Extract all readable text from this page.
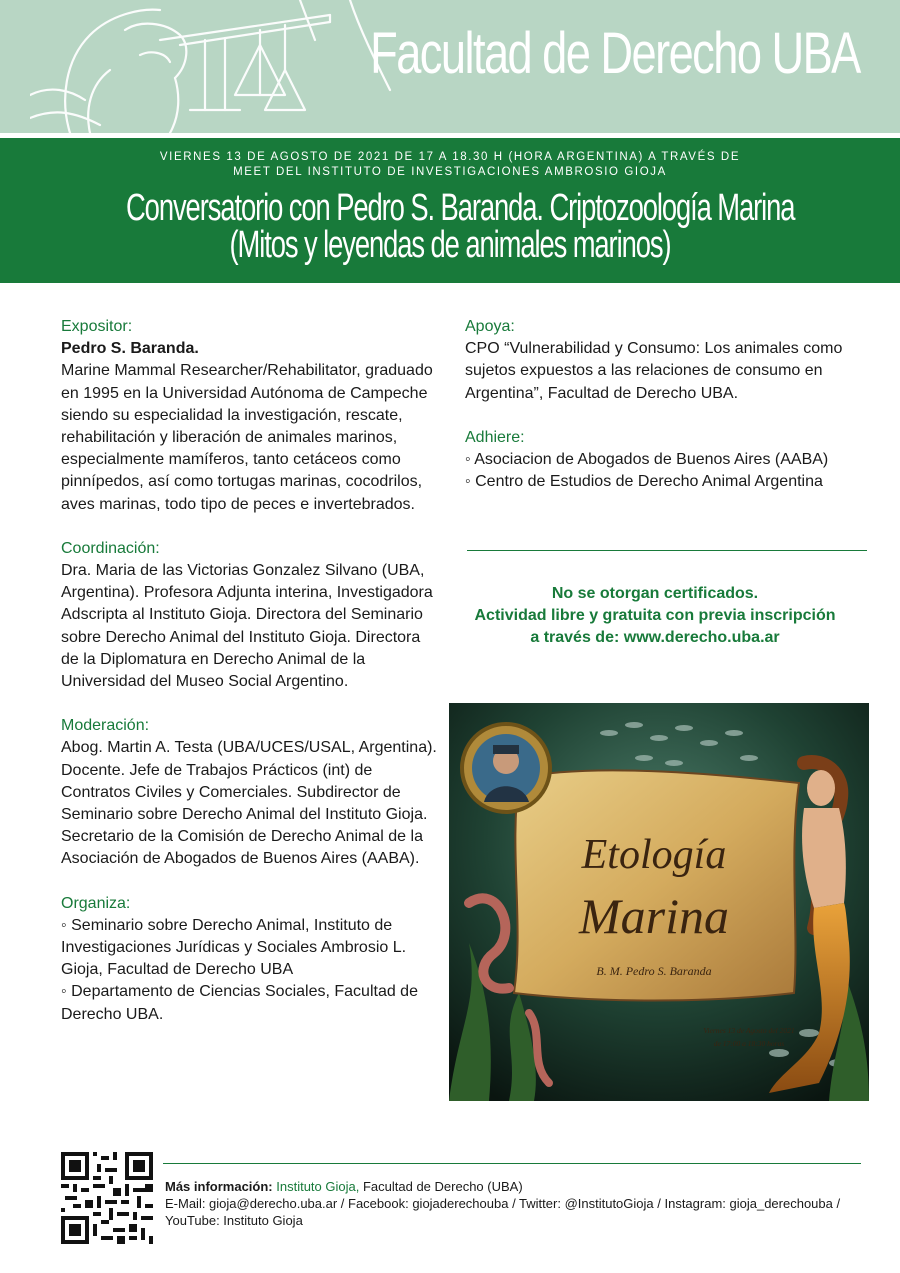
Facultad de Derecho UBA
VIERNES 13 DE AGOSTO DE 2021 DE 17 A 18.30 H (HORA ARGENTINA) A TRAVÉS DE MEET DEL INSTITUTO DE INVESTIGACIONES AMBROSIO GIOJA
Conversatorio con Pedro S. Baranda. Criptozoología Marina
(Mitos y leyendas de animales marinos)
Expositor:
Pedro S. Baranda.
Marine Mammal Researcher/Rehabilitator, graduado en 1995 en la Universidad Autónoma de Campeche siendo su especialidad la investigación, rescate, rehabilitación y liberación de animales marinos, especialmente mamíferos, tanto cetáceos como pinnípedos, así como tortugas marinas, cocodrilos, aves marinas, todo tipo de peces e invertebrados.
Coordinación:
Dra. Maria de las Victorias Gonzalez Silvano (UBA, Argentina). Profesora Adjunta interina, Investigadora Adscripta al Instituto Gioja. Directora del Seminario sobre Derecho Animal del Instituto Gioja. Directora de la Diplomatura en Derecho Animal de la Universidad del Museo Social Argentino.
Moderación:
Abog. Martin A. Testa (UBA/UCES/USAL, Argentina). Docente. Jefe de Trabajos Prácticos (int) de Contratos Civiles y Comerciales. Subdirector de Seminario sobre Derecho Animal del Instituto Gioja. Secretario de la Comisión de Derecho Animal de la Asociación de Abogados de Buenos Aires (AABA).
Organiza:
◦ Seminario sobre Derecho Animal, Instituto de Investigaciones Jurídicas y Sociales Ambrosio L. Gioja, Facultad de Derecho UBA
◦ Departamento de Ciencias Sociales, Facultad de Derecho UBA.
Apoya:
CPO “Vulnerabilidad y Consumo: Los animales como sujetos expuestos a las relaciones de consumo en Argentina”, Facultad de Derecho UBA.
Adhiere:
◦ Asociacion de Abogados de Buenos Aires (AABA)
◦ Centro de Estudios de Derecho Animal Argentina
No se otorgan certificados.
Actividad libre y gratuita con previa inscripción
a través de: www.derecho.uba.ar
Etología
Marina
B. M. Pedro S. Baranda
Viernes 13 de Agosto del 2021
de 17:00 a 18:30 horas
Más información: Instituto Gioja, Facultad de Derecho (UBA)
E-Mail: gioja@derecho.uba.ar / Facebook: giojaderechouba / Twitter: @InstitutoGioja / Instagram: gioja_derechouba / YouTube: Instituto Gioja
